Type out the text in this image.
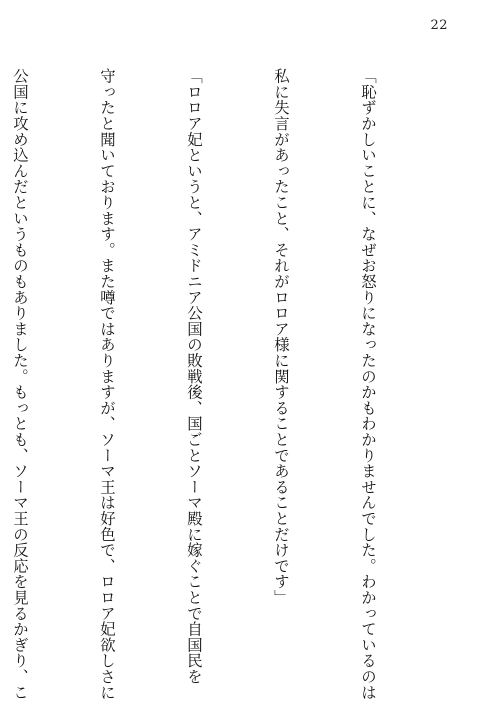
22

「恥ずかしいことに、なぜお怒りになったのかもわかりませんでした。わかっているのは

私に失言があったこと、それがロロア様に関することであることだけです」

「ロロア妃というと、アミドニア公国の敗戦後、国ごとソーマ殿に嫁ぐことで自国民を

守ったと聞いております。また噂ではありますが、ソーマ王は好色で、ロロア妃欲しさに

公国に攻め込んだというものもありました。もっとも、ソーマ王の反応を見るかぎり、こ
